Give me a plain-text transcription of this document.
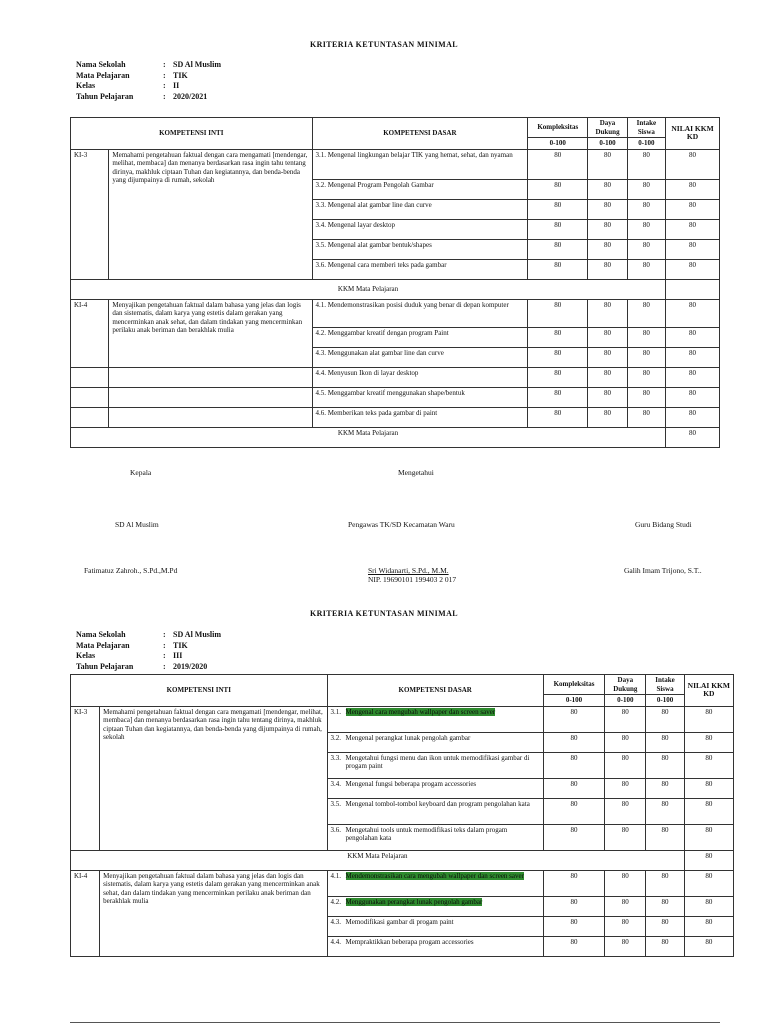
KRITERIA KETUNTASAN MINIMAL
Nama Sekolah	: SD Al Muslim
Mata Pelajaran	: TIK
Kelas	: II
Tahun Pelajaran	: 2020/2021
KOMPETENSI INTI		KOMPETENSI DASAR	Kompleksitas	Daya Dukung	Intake Siswa	NILAI KKM KD
			0-100	0-100	0-100	
KI-3	Memahami pengetahuan faktual dengan cara mengamati [mendengar, melihat, membaca] dan menanya berdasarkan rasa ingin tahu tentang dirinya, makhluk ciptaan Tuhan dan kegiatannya, dan benda-benda yang dijumpainya di rumah, sekolah	3.1. Mengenal lingkungan belajar TIK yang hemat, sehat, dan nyaman	80	80	80	80
		3.2. Mengenal Program Pengolah Gambar	80	80	80	80
		3.3. Mengenal alat gambar line dan curve	80	80	80	80
		3.4. Mengenal layar desktop	80	80	80	80
		3.5. Mengenal alat gambar bentuk/shapes	80	80	80	80
		3.6. Mengenal cara memberi teks pada gambar	80	80	80	80
KKM Mata Pelajaran						
KI-4	Menyajikan pengetahuan faktual dalam bahasa yang jelas dan logis dan sistematis, dalam karya yang estetis dalam gerakan yang mencerminkan anak sehat, dan dalam tindakan yang mencerminkan perilaku anak beriman dan berakhlak mulia	4.1. Mendemonstrasikan posisi duduk yang benar di depan komputer	80	80	80	80
		4.2. Menggambar kreatif dengan program Paint	80	80	80	80
		4.3. Menggunakan alat gambar line dan curve	80	80	80	80
		4.4. Menyusun Ikon di layar desktop	80	80	80	80
		4.5. Menggambar kreatif menggunakan shape/bentuk	80	80	80	80
		4.6. Memberikan teks pada gambar di paint	80	80	80	80
KKM Mata Pelajaran						80
Kepala	Mengetahui
SD Al Muslim	Pengawas TK/SD Kecamatan Waru	Guru Bidang Studi
Fatimatuz Zahroh., S.Pd.,M.Pd	Sri Widanarti, S.Pd., M.M.
NIP. 19690101 199403 2 017
Galih Imam Trijono, S.T..
KRITERIA KETUNTASAN MINIMAL
Nama Sekolah	: SD Al Muslim
Mata Pelajaran	: TIK
Kelas	: III
Tahun Pelajaran	: 2019/2020
KOMPETENSI INTI		KOMPETENSI DASAR	Kompleksitas	Daya Dukung	Intake Siswa	NILAI KKM KD
			0-100	0-100	0-100	
KI-3	Memahami pengetahuan faktual dengan cara mengamati [mendengar, melihat, membaca] dan menanya berdasarkan rasa ingin tahu tentang dirinya, makhluk ciptaan Tuhan dan kegiatannya, dan benda-benda yang dijumpainya di rumah, sekolah	3.1. Mengenal cara mengubah wallpaper dan screen saver	80	80	80	80

		3.2. Mengenal perangkat lunak pengolah gambar	80	80	80	80

		3.3. Mengetahui fungsi menu dan ikon untuk memodifikasi gambar di progam paint	80	80	80	80

		3.4. Mengenal fungsi beberapa progam accessories	80	80	80	80

		3.5. Mengenal tombol-tombol keyboard dan program pengolahan kata	80	80	80	80

		3.6. Mengetahui tools untuk memodifikasi teks dalam progam pengolahan kata	80	80	80	80
KKM Mata Pelajaran						80
KI-4	Menyajikan pengetahuan faktual dalam bahasa yang jelas dan logis dan sistematis, dalam karya yang estetis dalam gerakan yang mencerminkan anak sehat, dan dalam tindakan yang mencerminkan perilaku anak beriman dan berakhlak mulia	4.1. Mendemonstrasikan cara mengubah wallpaper dan screen saver	80	80	80	80

		4.2. Menggunakan perangkat lunak pengolah gambar	80	80	80	80

		4.3. Memodifikasi gambar di progam paint	80	80	80	80

		4.4. Mempraktikkan beberapa progam accessories	80	80	80	80
